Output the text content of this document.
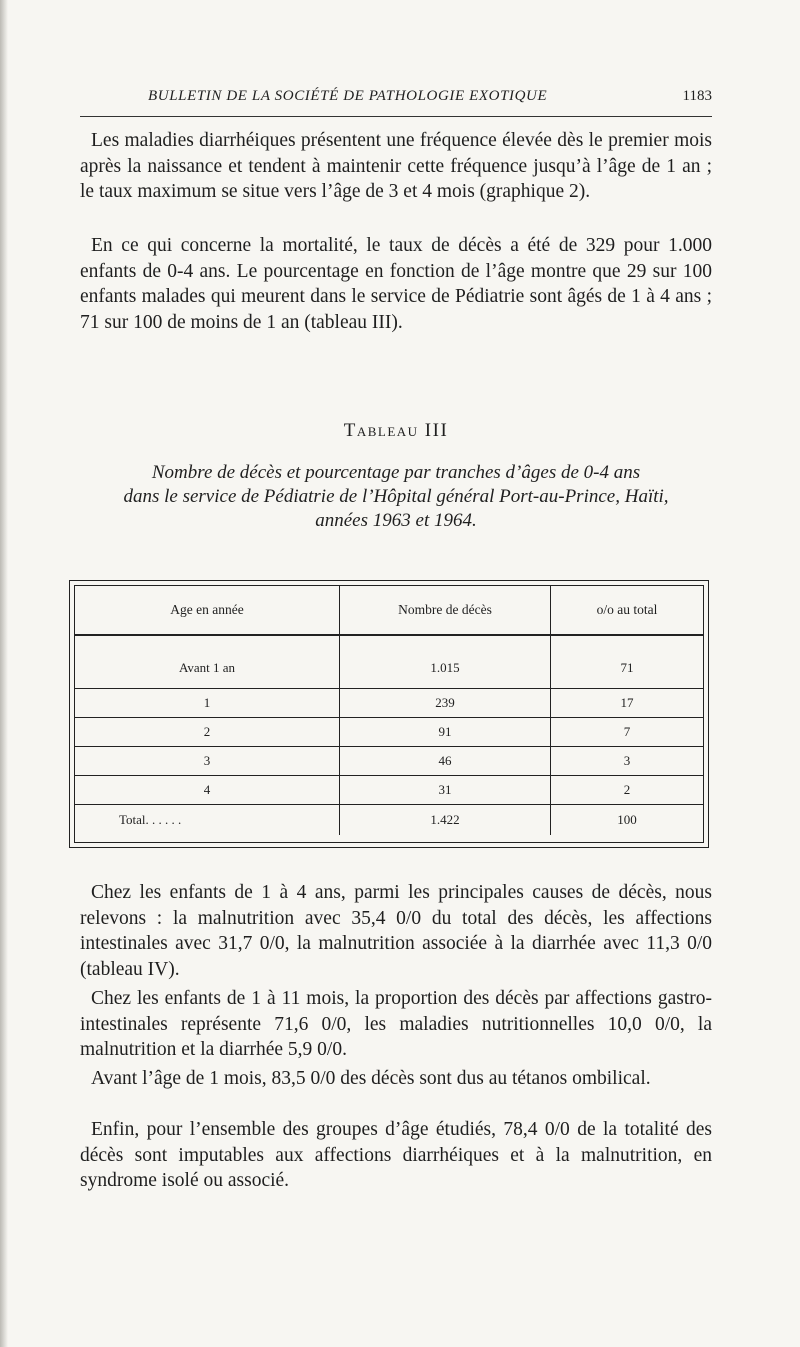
BULLETIN DE LA SOCIÉTÉ DE PATHOLOGIE EXOTIQUE	1183

Les maladies diarrhéiques présentent une fréquence élevée dès le premier mois après la naissance et tendent à maintenir cette fréquence jusqu’à l’âge de 1 an ; le taux maximum se situe vers l’âge de 3 et 4 mois (graphique 2).

En ce qui concerne la mortalité, le taux de décès a été de 329 pour 1.000 enfants de 0-4 ans. Le pourcentage en fonction de l’âge montre que 29 sur 100 enfants malades qui meurent dans le service de Pédiatrie sont âgés de 1 à 4 ans ; 71 sur 100 de moins de 1 an (tableau III).

Tableau III
Nombre de décès et pourcentage par tranches d’âges de 0-4 ans
dans le service de Pédiatrie de l’Hôpital général Port-au-Prince, Haïti,
années 1963 et 1964.
Age en année	Nombre de décès	o/o au total
Avant 1 an	1.015	71
1	239	17
2	91	7
3	46	3
4	31	2
Total. . . . . .	1.422	100

Chez les enfants de 1 à 4 ans, parmi les principales causes de décès, nous relevons : la malnutrition avec 35,4 0/0 du total des décès, les affections intestinales avec 31,7 0/0, la malnutrition associée à la diarrhée avec 11,3 0/0 (tableau IV).

Chez les enfants de 1 à 11 mois, la proportion des décès par affections gastro-intestinales représente 71,6 0/0, les maladies nutritionnelles 10,0 0/0, la malnutrition et la diarrhée 5,9 0/0.

Avant l’âge de 1 mois, 83,5 0/0 des décès sont dus au tétanos ombilical.

Enfin, pour l’ensemble des groupes d’âge étudiés, 78,4 0/0 de la totalité des décès sont imputables aux affections diarrhéiques et à la malnutrition, en syndrome isolé ou associé.
